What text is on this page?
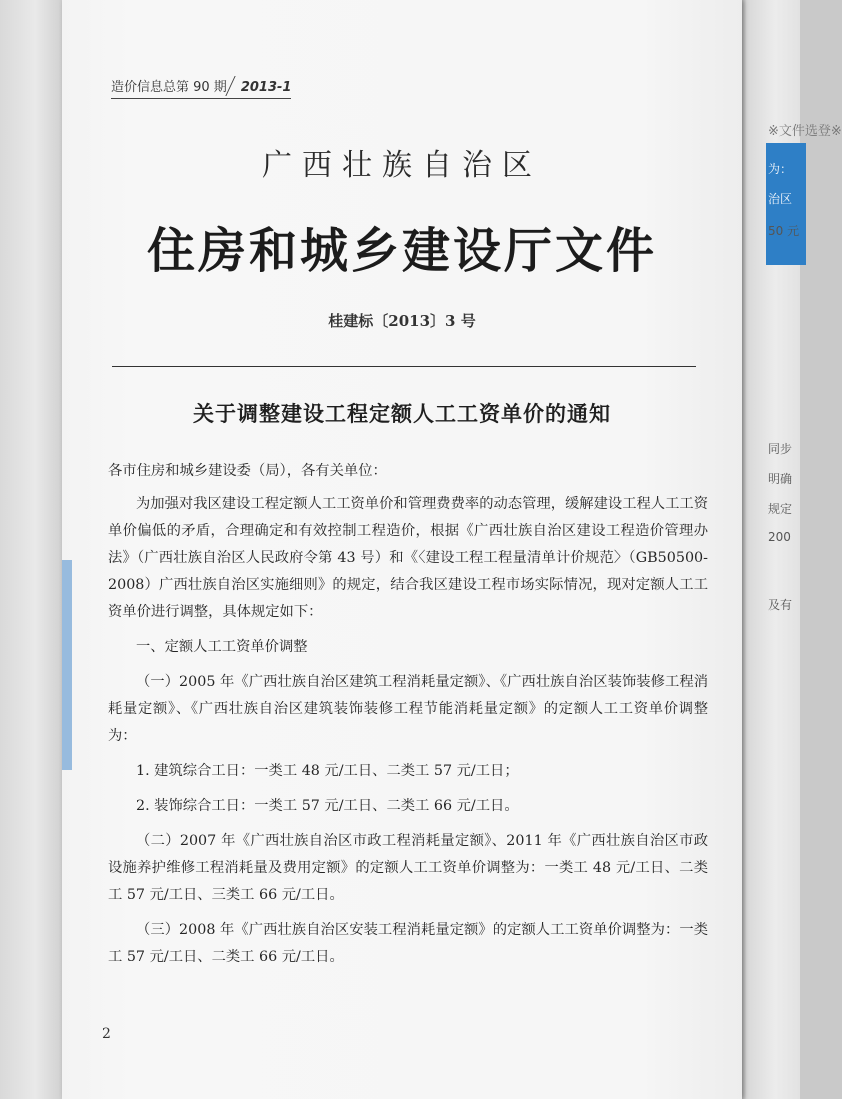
※文件选登※
为：
治区
50 元
同步
明确
规定
200
及有
造价信息总第 90 期 2013-1
广西壮族自治区
住房和城乡建设厅文件
桂建标〔2013〕3 号
关于调整建设工程定额人工工资单价的通知

各市住房和城乡建设委（局），各有关单位：

为加强对我区建设工程定额人工工资单价和管理费费率的动态管理，缓解建设工程人工工资单价偏低的矛盾，合理确定和有效控制工程造价，根据《广西壮族自治区建设工程造价管理办法》（广西壮族自治区人民政府令第 43 号）和《〈建设工程工程量清单计价规范〉（GB50500-2008）广西壮族自治区实施细则》的规定，结合我区建设工程市场实际情况，现对定额人工工资单价进行调整，具体规定如下：

一、定额人工工资单价调整

（一）2005 年《广西壮族自治区建筑工程消耗量定额》、《广西壮族自治区装饰装修工程消耗量定额》、《广西壮族自治区建筑装饰装修工程节能消耗量定额》的定额人工工资单价调整为：

1. 建筑综合工日：一类工 48 元/工日、二类工 57 元/工日；

2. 装饰综合工日：一类工 57 元/工日、二类工 66 元/工日。

（二）2007 年《广西壮族自治区市政工程消耗量定额》、2011 年《广西壮族自治区市政设施养护维修工程消耗量及费用定额》的定额人工工资单价调整为：一类工 48 元/工日、二类工 57 元/工日、三类工 66 元/工日。

（三）2008 年《广西壮族自治区安装工程消耗量定额》的定额人工工资单价调整为：一类工 57 元/工日、二类工 66 元/工日。

2
